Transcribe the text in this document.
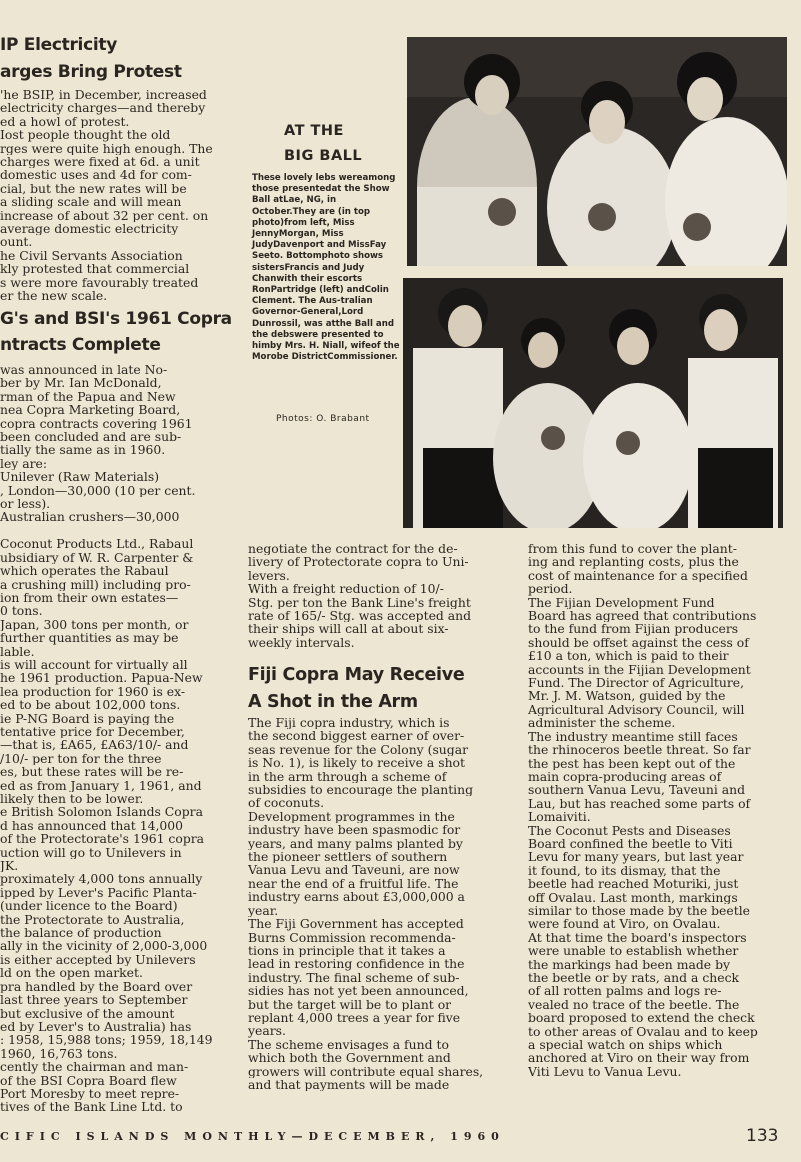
IP Electricity
arges Bring Protest
'he BSIP, in December, increased
electricity charges—and thereby
ed a howl of protest.
Iost people thought the old
rges were quite high enough. The
charges were fixed at 6d. a unit
domestic uses and 4d for com-
cial, but the new rates will be
a sliding scale and will mean
increase of about 32 per cent. on
average domestic electricity
ount.
he Civil Servants Association
kly protested that commercial
s were more favourably treated
er the new scale.
G's and BSI's 1961 Copra
ntracts Complete
was announced in late No-
ber by Mr. Ian McDonald,
rman of the Papua and New
nea Copra Marketing Board,
copra contracts covering 1961
been concluded and are sub-
tially the same as in 1960.
ley are:
Unilever (Raw Materials)
, London—30,000 (10 per cent.
or less).
Australian crushers—30,000

Coconut Products Ltd., Rabaul
ubsidiary of W. R. Carpenter &
which operates the Rabaul
a crushing mill) including pro-
ion from their own estates—
0 tons.
Japan, 300 tons per month, or
further quantities as may be
lable.
is will account for virtually all
he 1961 production. Papua-New
lea production for 1960 is ex-
ed to be about 102,000 tons.
ie P-NG Board is paying the
tentative price for December,
—that is, £A65, £A63/10/- and
/10/- per ton for the three
es, but these rates will be re-
ed as from January 1, 1961, and
likely then to be lower.
e British Solomon Islands Copra
d has announced that 14,000
of the Protectorate's 1961 copra
uction will go to Unilevers in
JK.
proximately 4,000 tons annually
ipped by Lever's Pacific Planta-
(under licence to the Board)
the Protectorate to Australia,
the balance of production
ally in the vicinity of 2,000-3,000
is either accepted by Unilevers
ld on the open market.
pra handled by the Board over
last three years to September
but exclusive of the amount
ed by Lever's to Australia) has
: 1958, 15,988 tons; 1959, 18,149
1960, 16,763 tons.
cently the chairman and man-
of the BSI Copra Board flew
Port Moresby to meet repre-
tives of the Bank Line Ltd. to
AT THE
BIG BALL
These lovely lebs wereamong those presentedat the Show Ball atLae, NG, in October.They are (in top photo)from left, Miss JennyMorgan, Miss JudyDavenport and MissFay Seeto. Bottomphoto shows sistersFrancis and Judy Chanwith their escorts RonPartridge (left) andColin Clement. The Aus-tralian Governor-General,Lord Dunrossil, was atthe Ball and the debswere presented to himby Mrs. H. Niall, wifeof the Morobe DistrictCommissioner.
Photos: O. Brabant
negotiate the contract for the de-
livery of Protectorate copra to Uni-
levers.
With a freight reduction of 10/-
Stg. per ton the Bank Line's freight
rate of 165/- Stg. was accepted and
their ships will call at about six-
weekly intervals.
Fiji Copra May Receive
A Shot in the Arm
The Fiji copra industry, which is
the second biggest earner of over-
seas revenue for the Colony (sugar
is No. 1), is likely to receive a shot
in the arm through a scheme of
subsidies to encourage the planting
of coconuts.
Development programmes in the
industry have been spasmodic for
years, and many palms planted by
the pioneer settlers of southern
Vanua Levu and Taveuni, are now
near the end of a fruitful life. The
industry earns about £3,000,000 a
year.
The Fiji Government has accepted
Burns Commission recommenda-
tions in principle that it takes a
lead in restoring confidence in the
industry. The final scheme of sub-
sidies has not yet been announced,
but the target will be to plant or
replant 4,000 trees a year for five
years.
The scheme envisages a fund to
which both the Government and
growers will contribute equal shares,
and that payments will be made
from this fund to cover the plant-
ing and replanting costs, plus the
cost of maintenance for a specified
period.
The Fijian Development Fund
Board has agreed that contributions
to the fund from Fijian producers
should be offset against the cess of
£10 a ton, which is paid to their
accounts in the Fijian Development
Fund. The Director of Agriculture,
Mr. J. M. Watson, guided by the
Agricultural Advisory Council, will
administer the scheme.
The industry meantime still faces
the rhinoceros beetle threat. So far
the pest has been kept out of the
main copra-producing areas of
southern Vanua Levu, Taveuni and
Lau, but has reached some parts of
Lomaiviti.
The Coconut Pests and Diseases
Board confined the beetle to Viti
Levu for many years, but last year
it found, to its dismay, that the
beetle had reached Moturiki, just
off Ovalau. Last month, markings
similar to those made by the beetle
were found at Viro, on Ovalau.
At that time the board's inspectors
were unable to establish whether
the markings had been made by
the beetle or by rats, and a check
of all rotten palms and logs re-
vealed no trace of the beetle. The
board proposed to extend the check
to other areas of Ovalau and to keep
a special watch on ships which
anchored at Viro on their way from
Viti Levu to Vanua Levu.
CIFIC ISLANDS MONTHLY—DECEMBER, 1960	133
